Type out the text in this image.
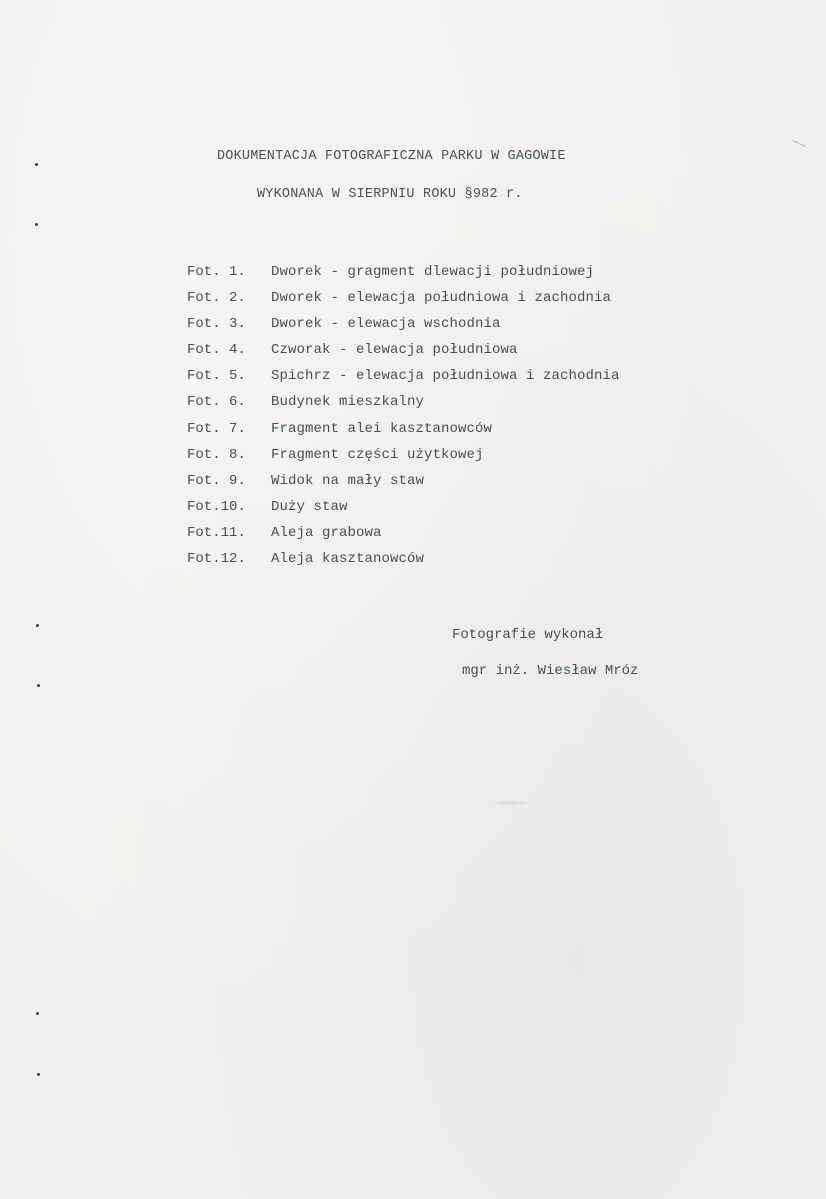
DOKUMENTACJA FOTOGRAFICZNA PARKU W GAGOWIE
WYKONANA W SIERPNIU ROKU §982 r.
Fot. 1.	Dworek - gragment dlewacji południowej
Fot. 2.	Dworek - elewacja południowa i zachodnia
Fot. 3.	Dworek - elewacja wschodnia
Fot. 4.	Czworak - elewacja południowa
Fot. 5.	Spichrz - elewacja południowa i zachodnia
Fot. 6.	Budynek mieszkalny
Fot. 7.	Fragment alei kasztanowców
Fot. 8.	Fragment części użytkowej
Fot. 9.	Widok na mały staw
Fot.10.	Duży staw
Fot.11.	Aleja grabowa
Fot.12.	Aleja kasztanowców
Fotografie wykonał
mgr inż. Wiesław Mróz
